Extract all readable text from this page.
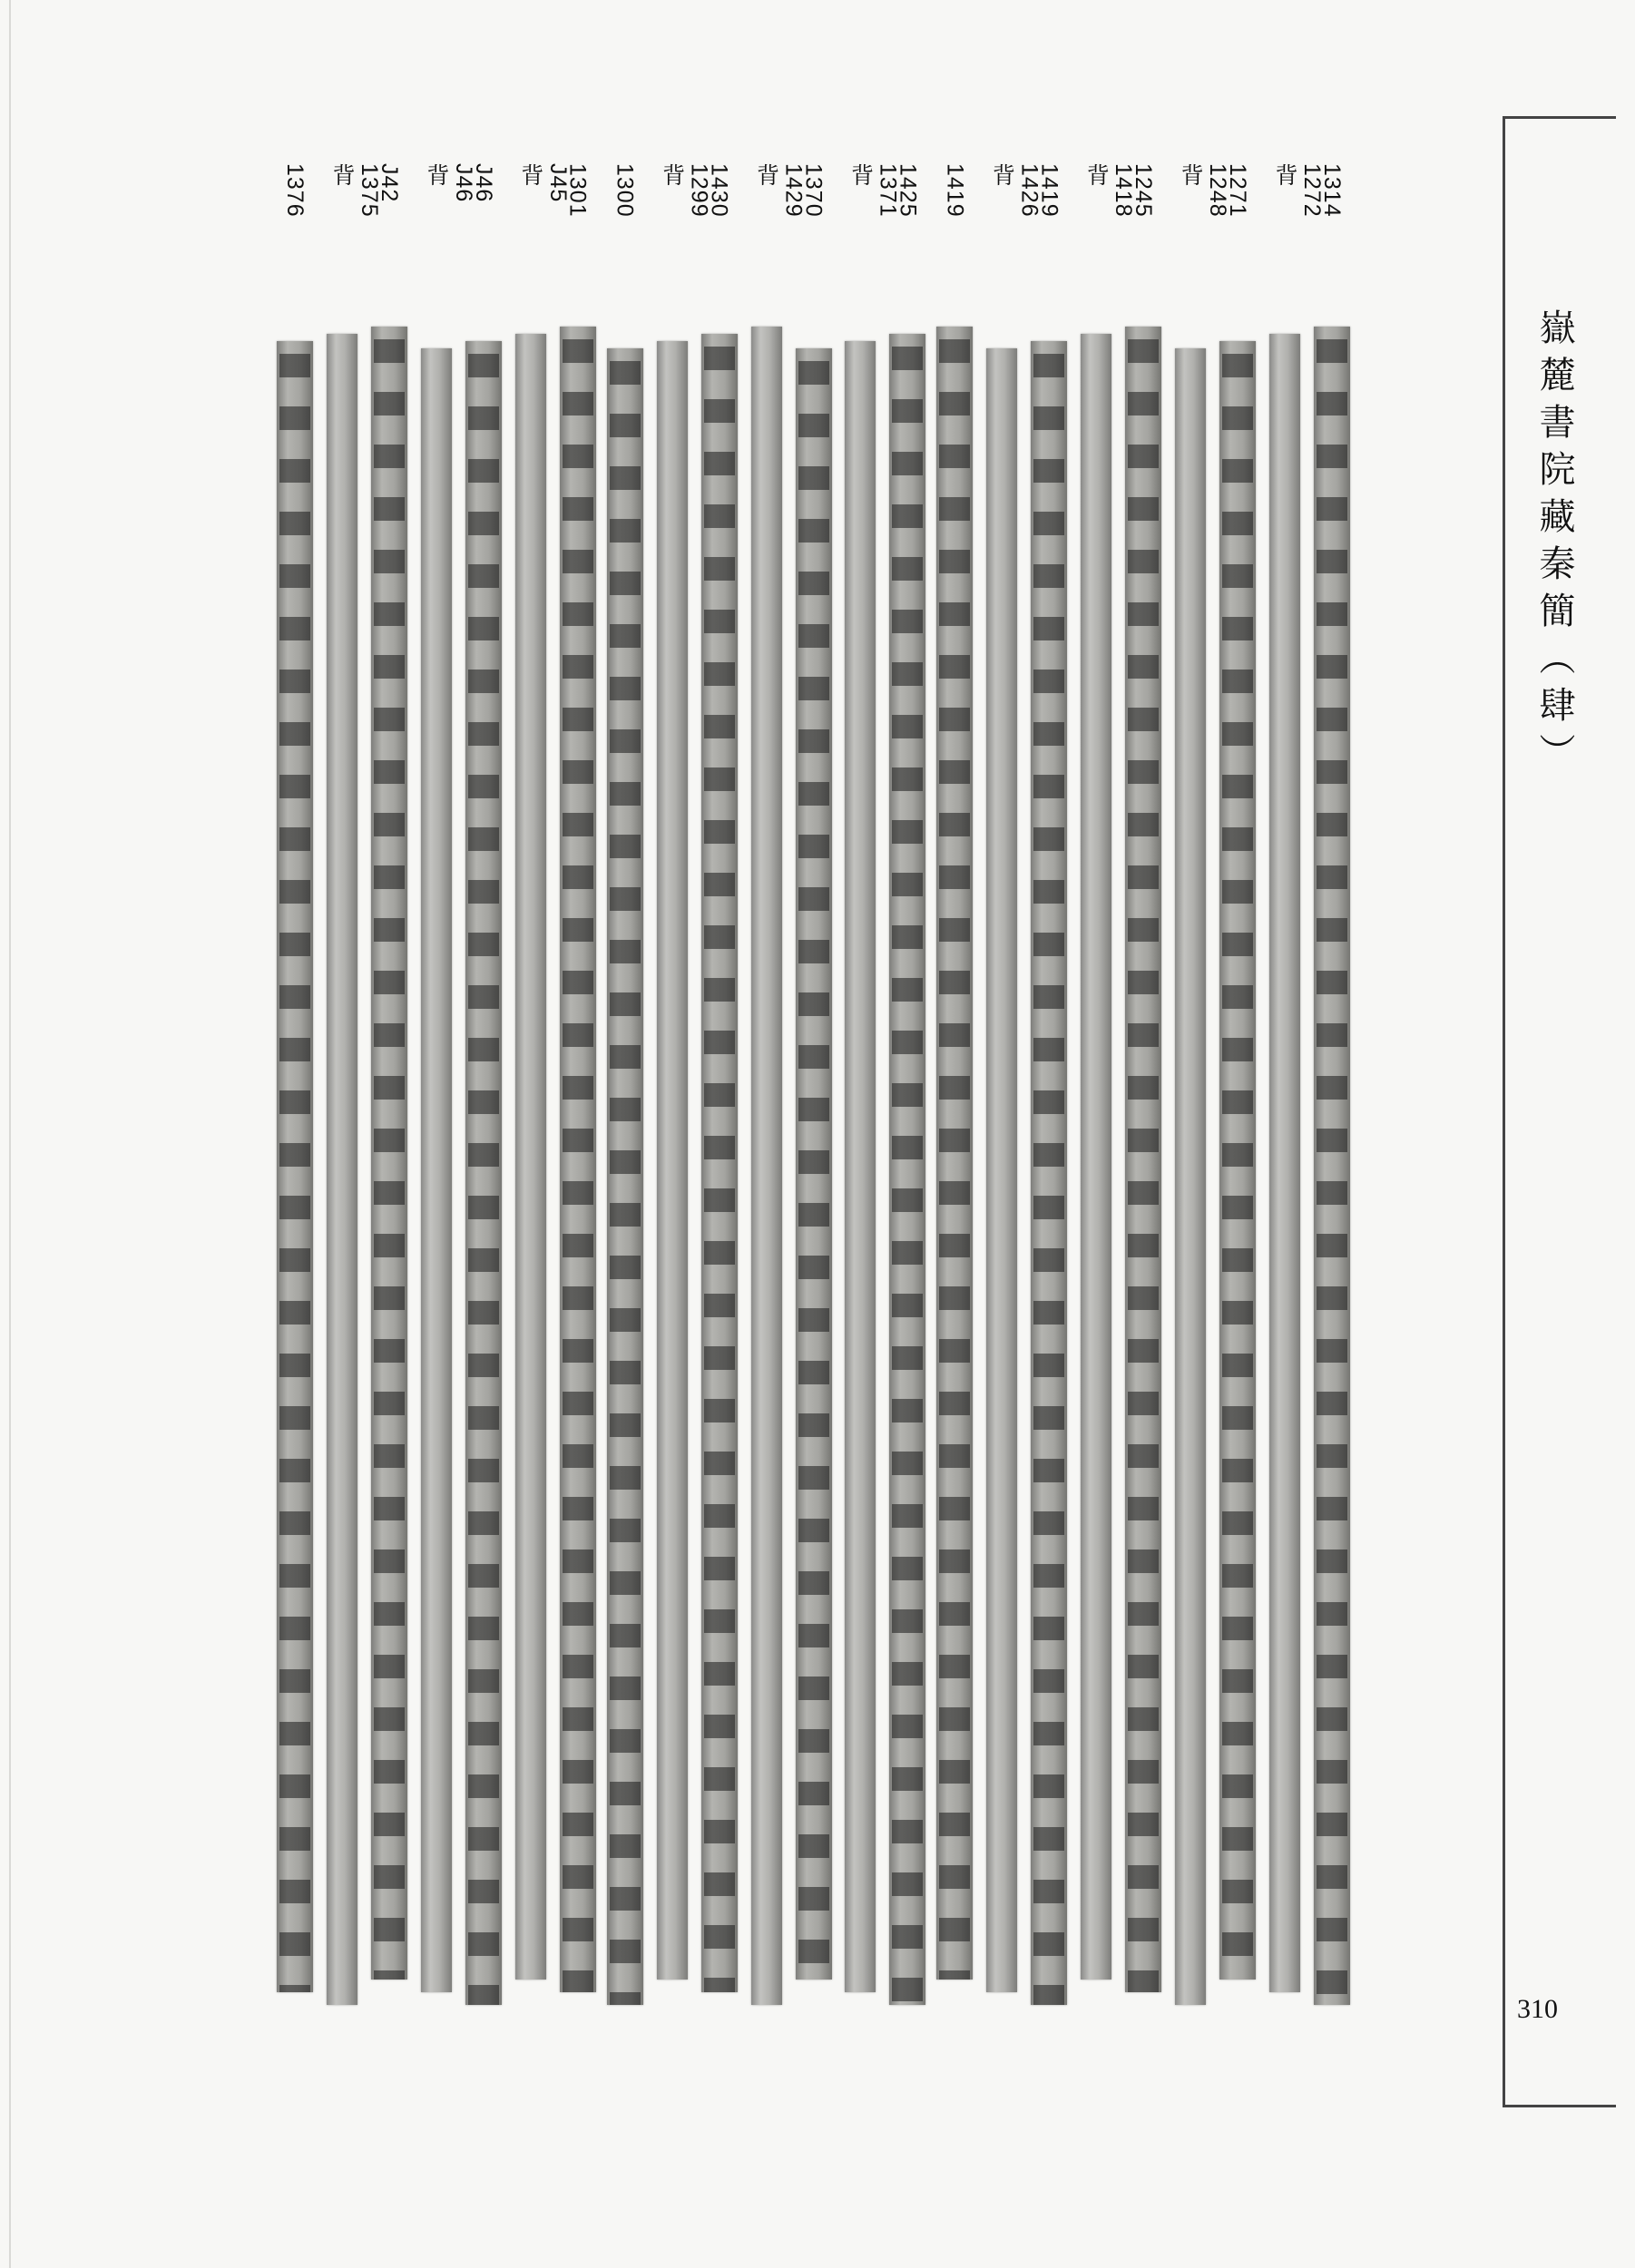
嶽麓書院藏秦簡（肆）
310
1314
1272背
1271
1248背
1245
1418背
1419
1426背
1419
1425
1371背
1370
1429背
1430
1299背
1300
1301
J45背
J46
J46背
J42
1375背
1376
